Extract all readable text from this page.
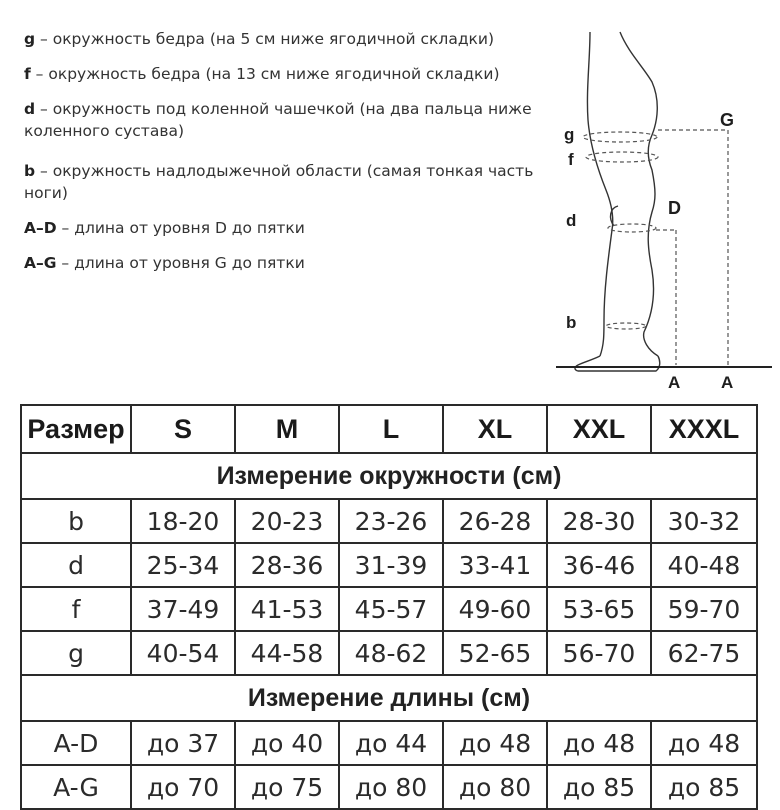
g – окружность бедра (на 5 см ниже ягодичной складки)
f – окружность бедра (на 13 см ниже ягодичной складки)
d – окружность под коленной чашечкой (на два пальца ниже коленного сустава)
b – окружность надлодыжечной области (самая тонкая часть ноги)
A–D – длина от уровня D до пятки
A–G – длина от уровня G до пятки
g
f
d
b
G
D
A A
Размер	S	M	L	XL	XXL	XXXL
Измерение окружности (см)						
b	18-20	20-23	23-26	26-28	28-30	30-32
d	25-34	28-36	31-39	33-41	36-46	40-48
f	37-49	41-53	45-57	49-60	53-65	59-70
g	40-54	44-58	48-62	52-65	56-70	62-75
Измерение длины (см)						
A-D	до 37	до 40	до 44	до 48	до 48	до 48
A-G	до 70	до 75	до 80	до 80	до 85	до 85
